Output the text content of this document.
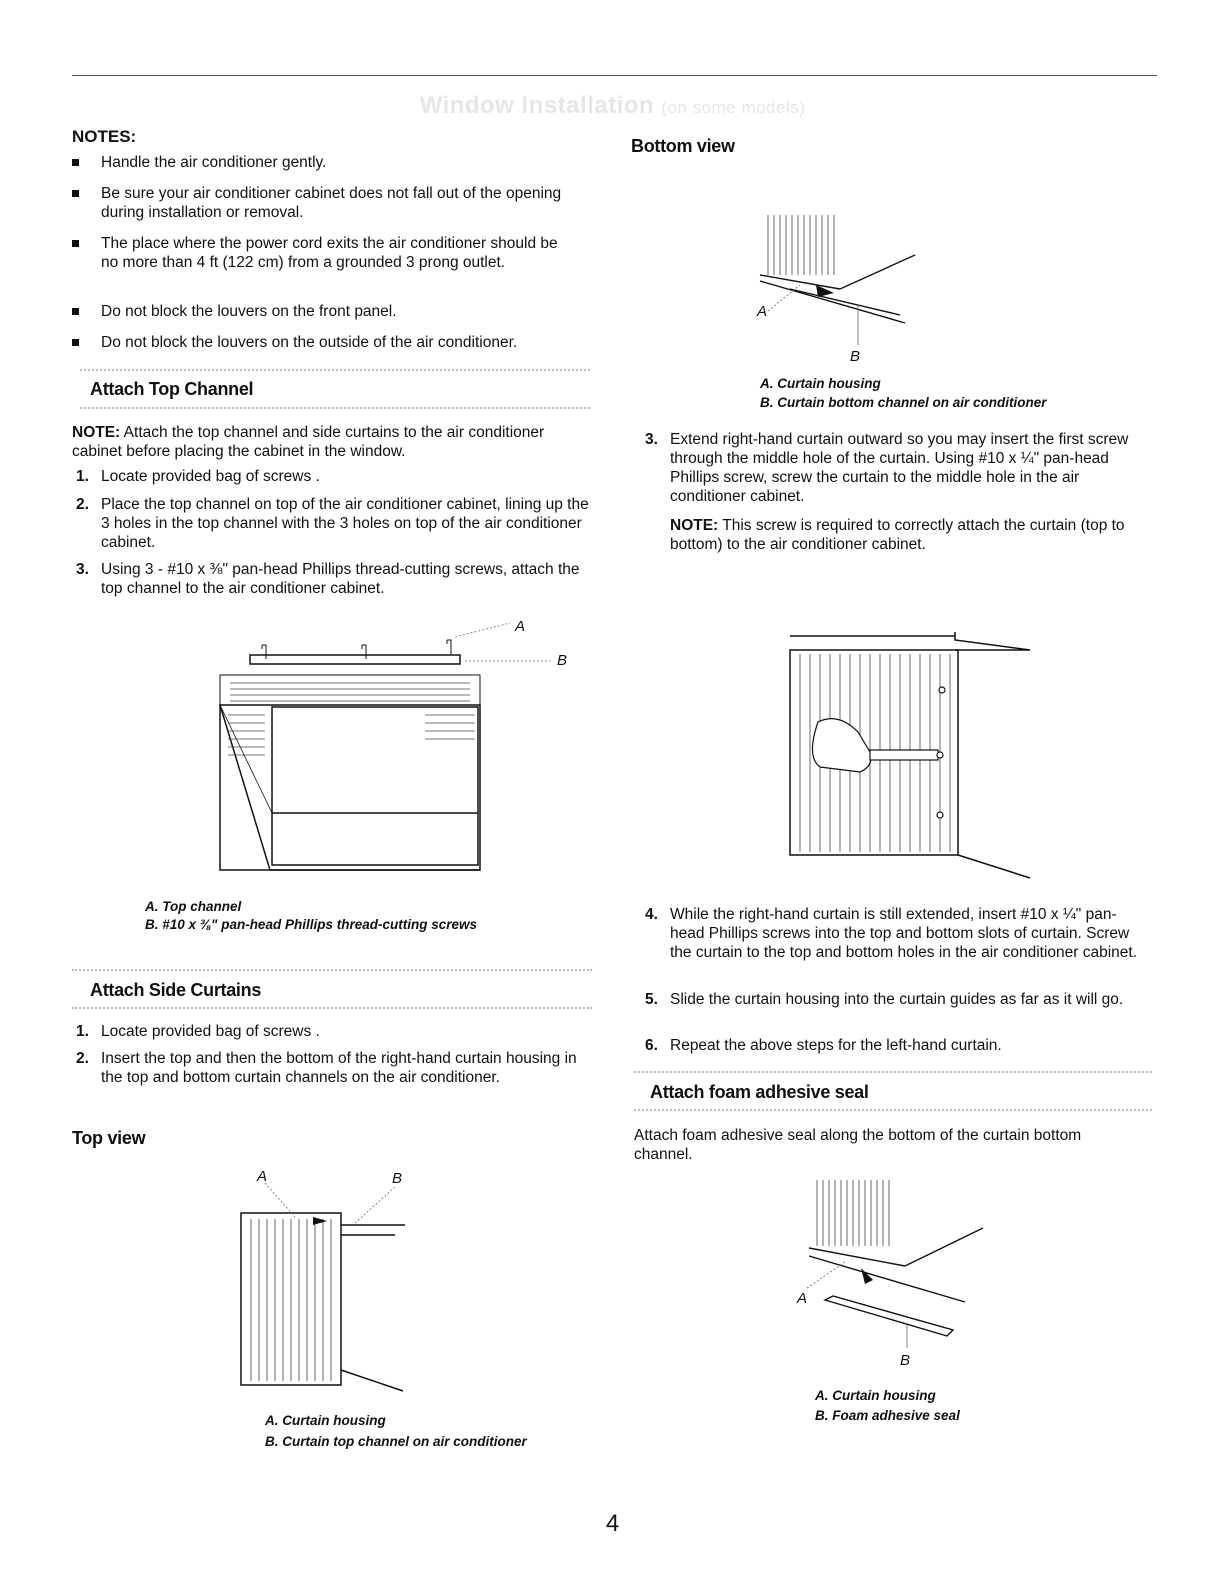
Window Installation (on some models)
NOTES:
Handle the air conditioner gently.
Be sure your air conditioner cabinet does not fall out of the opening during installation or removal.
The place where the power cord exits the air conditioner should be no more than 4 ft (122 cm) from a grounded 3 prong outlet.
Do not block the louvers on the front panel.
Do not block the louvers on the outside of the air conditioner.
Attach Top Channel
NOTE: Attach the top channel and side curtains to the air conditioner cabinet before placing the cabinet in the window.
1. Locate provided bag of screws .
2. Place the top channel on top of the air conditioner cabinet, lining up the 3 holes in the top channel with the 3 holes on top of the air conditioner cabinet.
3. Using 3 - #10 x ⅜" pan-head Phillips thread-cutting screws, attach the top channel to the air conditioner cabinet.
A
B
A. Top channel
B. #10 x ⅜" pan-head Phillips thread-cutting screws
Attach Side Curtains
1. Locate provided bag of screws .
2. Insert the top and then the bottom of the right-hand curtain housing in the top and bottom curtain channels on the air conditioner.
Top view
A	B
A. Curtain housing
B. Curtain top channel on air conditioner
Bottom view
A
B
A. Curtain housing
B. Curtain bottom channel on air conditioner
3. Extend right-hand curtain outward so you may insert the first screw through the middle hole of the curtain. Using #10 x ¼" pan-head Phillips screw, screw the curtain to the middle hole in the air conditioner cabinet.
NOTE: This screw is required to correctly attach the curtain (top to bottom) to the air conditioner cabinet.
4. While the right-hand curtain is still extended, insert #10 x ¼" pan-head Phillips screws into the top and bottom slots of curtain. Screw the curtain to the top and bottom holes in the air conditioner cabinet.
5. Slide the curtain housing into the curtain guides as far as it will go.
6. Repeat the above steps for the left-hand curtain.
Attach foam adhesive seal
Attach foam adhesive seal along the bottom of the curtain bottom channel.
A
B
A. Curtain housing
B. Foam adhesive seal
4
